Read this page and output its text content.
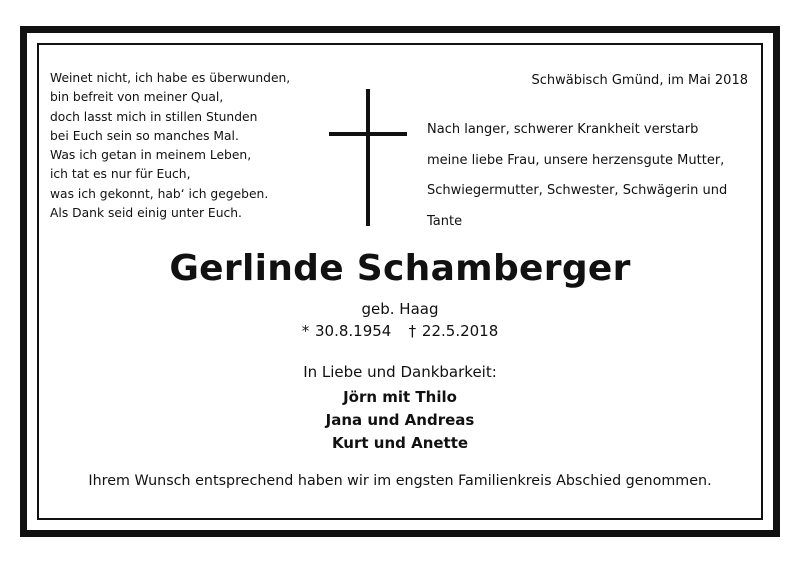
Weinet nicht, ich habe es überwunden,
bin befreit von meiner Qual,
doch lasst mich in stillen Stunden
bei Euch sein so manches Mal.
Was ich getan in meinem Leben,
ich tat es nur für Euch,
was ich gekonnt, hab‘ ich gegeben.
Als Dank seid einig unter Euch.
Schwäbisch Gmünd, im Mai 2018
Nach langer, schwerer Krankheit verstarb
meine liebe Frau, unsere herzensgute Mutter,
Schwiegermutter, Schwester, Schwägerin und
Tante
Gerlinde Schamberger
geb. Haag
* 30.8.1954   † 22.5.2018
In Liebe und Dankbarkeit:
Jörn mit Thilo
Jana und Andreas
Kurt und Anette
Ihrem Wunsch entsprechend haben wir im engsten Familienkreis Abschied genommen.
